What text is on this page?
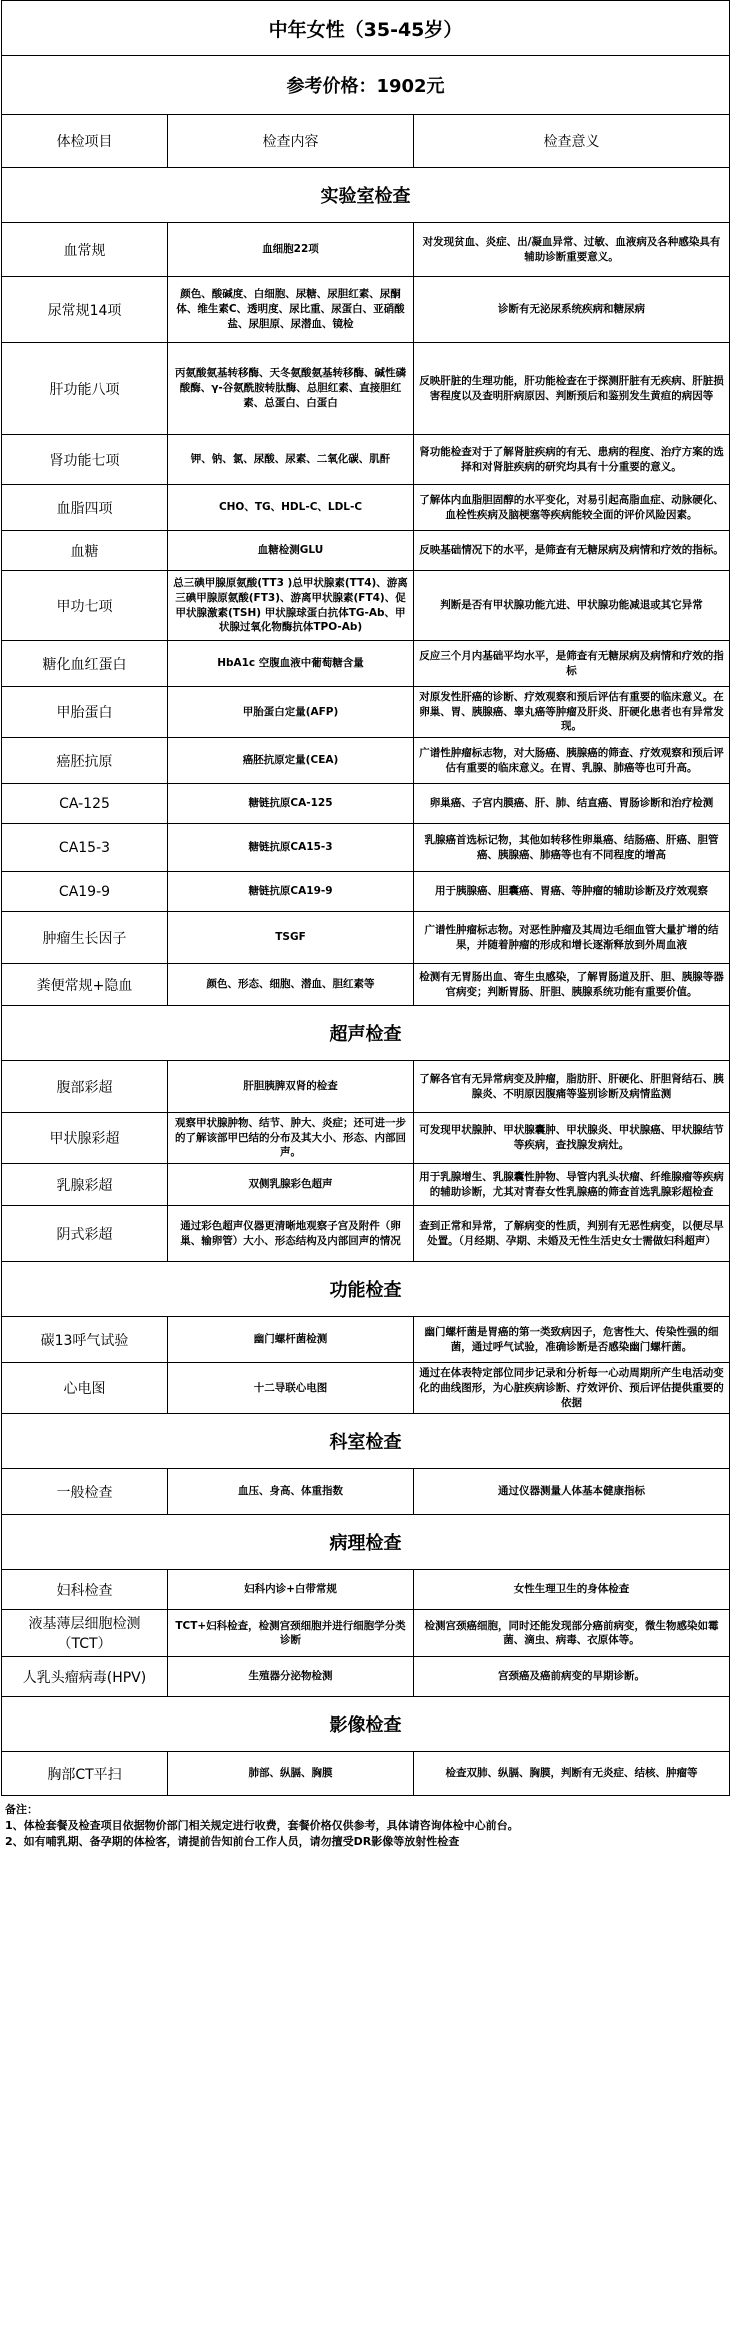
中年女性（35-45岁）		
参考价格：1902元		
体检项目	检查内容	检查意义
实验室检查		
血常规	血细胞22项	对发现贫血、炎症、出/凝血异常、过敏、血液病及各种感染具有辅助诊断重要意义。
尿常规14项	颜色、酸碱度、白细胞、尿糖、尿胆红素、尿酮体、维生素C、透明度、尿比重、尿蛋白、亚硝酸盐、尿胆原、尿潜血、镜检	诊断有无泌尿系统疾病和糖尿病
肝功能八项	丙氨酸氨基转移酶、天冬氨酸氨基转移酶、碱性磷酸酶、γ-谷氨酰胺转肽酶、总胆红素、直接胆红素、总蛋白、白蛋白	反映肝脏的生理功能，肝功能检查在于探测肝脏有无疾病、肝脏损害程度以及查明肝病原因、判断预后和鉴别发生黄疸的病因等
肾功能七项	钾、钠、氯、尿酸、尿素、二氧化碳、肌酐	肾功能检查对于了解肾脏疾病的有无、患病的程度、治疗方案的选择和对肾脏疾病的研究均具有十分重要的意义。
血脂四项	CHO、TG、HDL-C、LDL-C	了解体内血脂胆固醇的水平变化，对易引起高脂血症、动脉硬化、血栓性疾病及脑梗塞等疾病能较全面的评价风险因素。
血糖	血糖检测GLU	反映基础情况下的水平，是筛查有无糖尿病及病情和疗效的指标。
甲功七项	总三碘甲腺原氨酸(TT3 )总甲状腺素(TT4)、游离三碘甲腺原氨酸(FT3)、游离甲状腺素(FT4)、促甲状腺激素(TSH) 甲状腺球蛋白抗体TG-Ab、甲状腺过氧化物酶抗体TPO-Ab)	判断是否有甲状腺功能亢进、甲状腺功能减退或其它异常
糖化血红蛋白	HbA1c 空腹血液中葡萄糖含量	反应三个月内基础平均水平，是筛查有无糖尿病及病情和疗效的指标
甲胎蛋白	甲胎蛋白定量(AFP)	对原发性肝癌的诊断、疗效观察和预后评估有重要的临床意义。在卵巢、胃、胰腺癌、睾丸癌等肿瘤及肝炎、肝硬化患者也有异常发现。
癌胚抗原	癌胚抗原定量(CEA)	广谱性肿瘤标志物，对大肠癌、胰腺癌的筛查、疗效观察和预后评估有重要的临床意义。在胃、乳腺、肺癌等也可升高。
CA-125	糖链抗原CA-125	卵巢癌、子宫内膜癌、肝、肺、结直癌、胃肠诊断和治疗检测
CA15-3	糖链抗原CA15-3	乳腺癌首选标记物，其他如转移性卵巢癌、结肠癌、肝癌、胆管癌、胰腺癌、肺癌等也有不同程度的增高
CA19-9	糖链抗原CA19-9	用于胰腺癌、胆囊癌、胃癌、等肿瘤的辅助诊断及疗效观察
肿瘤生长因子	TSGF	广谱性肿瘤标志物。对恶性肿瘤及其周边毛细血管大量扩增的结果，并随着肿瘤的形成和增长逐渐释放到外周血液
粪便常规+隐血	颜色、形态、细胞、潜血、胆红素等	检测有无胃肠出血、寄生虫感染，了解胃肠道及肝、胆、胰腺等器官病变；判断胃肠、肝胆、胰腺系统功能有重要价值。
超声检查		
腹部彩超	肝胆胰脾双肾的检查	了解各官有无异常病变及肿瘤，脂肪肝、肝硬化、肝胆肾结石、胰腺炎、不明原因腹痛等鉴别诊断及病情监测
甲状腺彩超	观察甲状腺肿物、结节、肿大、炎症；还可进一步的了解该部甲巴结的分布及其大小、形态、内部回声。	可发现甲状腺肿、甲状腺囊肿、甲状腺炎、甲状腺癌、甲状腺结节等疾病，查找腺发病灶。
乳腺彩超	双侧乳腺彩色超声	用于乳腺增生、乳腺囊性肿物、导管内乳头状瘤、纤维腺瘤等疾病的辅助诊断，尤其对青春女性乳腺癌的筛查首选乳腺彩超检查
阴式彩超	通过彩色超声仪器更清晰地观察子宫及附件（卵巢、输卵管）大小、形态结构及内部回声的情况	查到正常和异常，了解病变的性质，判别有无恶性病变，以便尽早处置。（月经期、孕期、未婚及无性生活史女士需做妇科超声）
功能检查		
碳13呼气试验	幽门螺杆菌检测	幽门螺杆菌是胃癌的第一类致病因子，危害性大、传染性强的细菌，通过呼气试验，准确诊断是否感染幽门螺杆菌。
心电图	十二导联心电图	通过在体表特定部位同步记录和分析每一心动周期所产生电活动变化的曲线图形，为心脏疾病诊断、疗效评价、预后评估提供重要的依据
科室检查		
一般检查	血压、身高、体重指数	通过仪器测量人体基本健康指标
病理检查		
妇科检查	妇科内诊+白带常规	女性生理卫生的身体检查
液基薄层细胞检测（TCT）	TCT+妇科检查，检测宫颈细胞并进行细胞学分类诊断	检测宫颈癌细胞，同时还能发现部分癌前病变，微生物感染如霉菌、滴虫、病毒、衣原体等。
人乳头瘤病毒(HPV)	生殖器分泌物检测	宫颈癌及癌前病变的早期诊断。
影像检查		
胸部CT平扫	肺部、纵膈、胸膜	检查双肺、纵膈、胸膜，判断有无炎症、结核、肿瘤等
备注：
1、体检套餐及检查项目依据物价部门相关规定进行收费，套餐价格仅供参考，具体请咨询体检中心前台。
2、如有哺乳期、备孕期的体检客，请提前告知前台工作人员，请勿擅受DR影像等放射性检查
